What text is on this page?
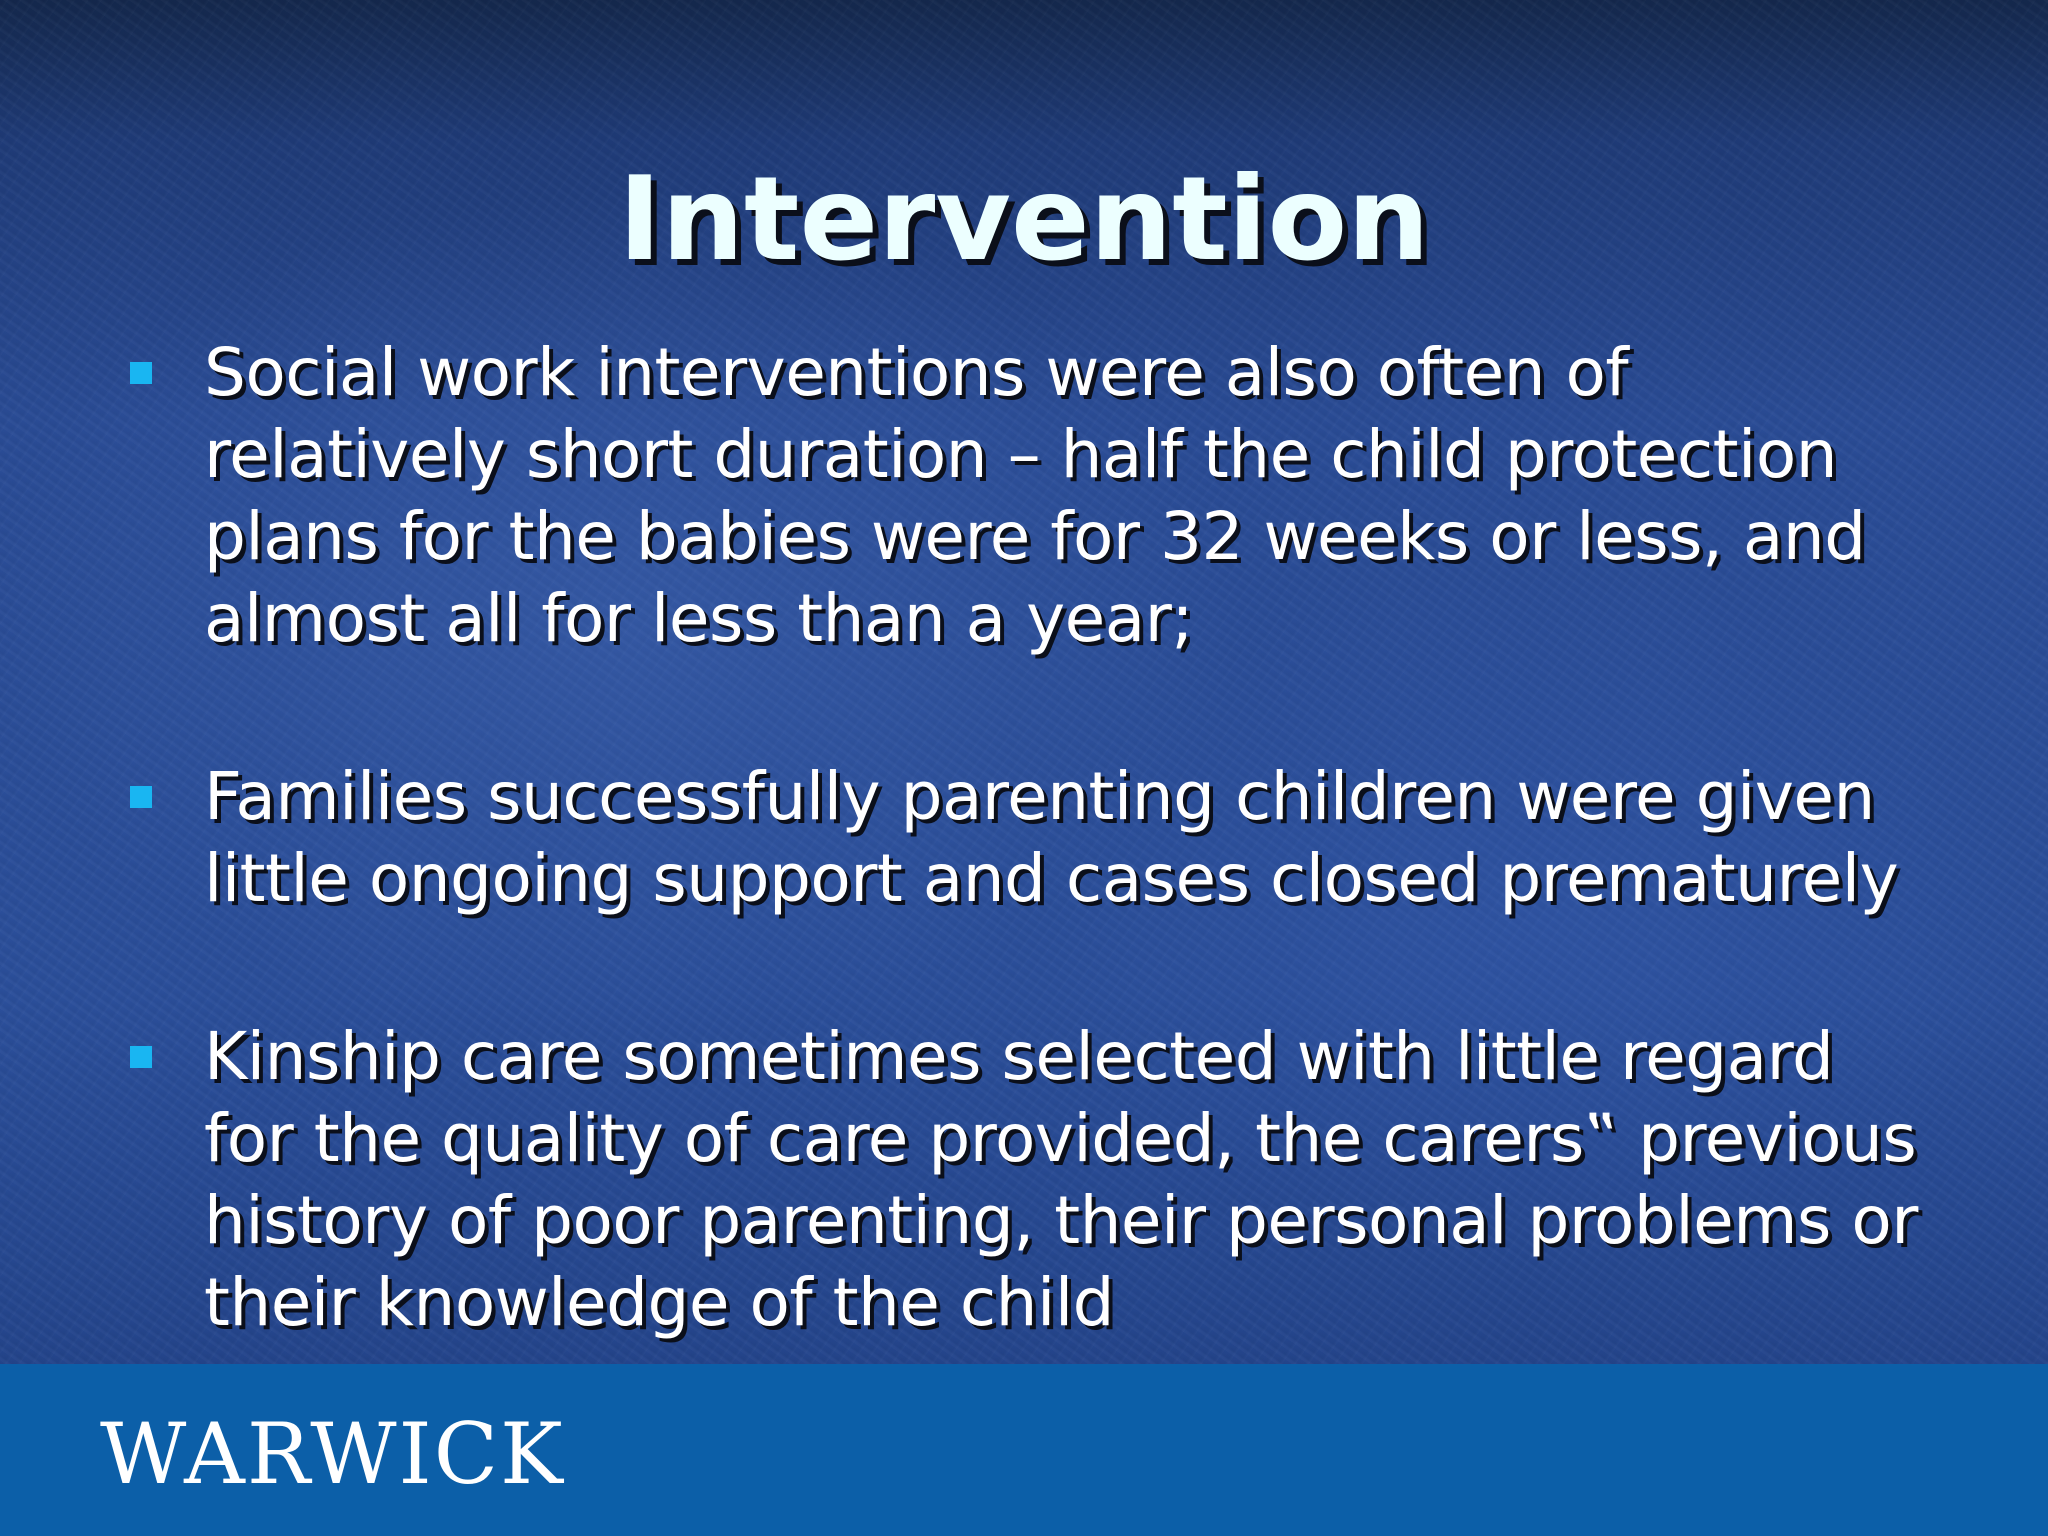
Intervention
Social work interventions were also often of relatively short duration – half the child protection plans for the babies were for 32 weeks or less, and almost all for less than a year;
Families successfully parenting children were given little ongoing support and cases closed prematurely
Kinship care sometimes selected with little regard for the quality of care provided, the carers‟ previous history of poor parenting, their personal problems or their knowledge of the child
WARWICK
